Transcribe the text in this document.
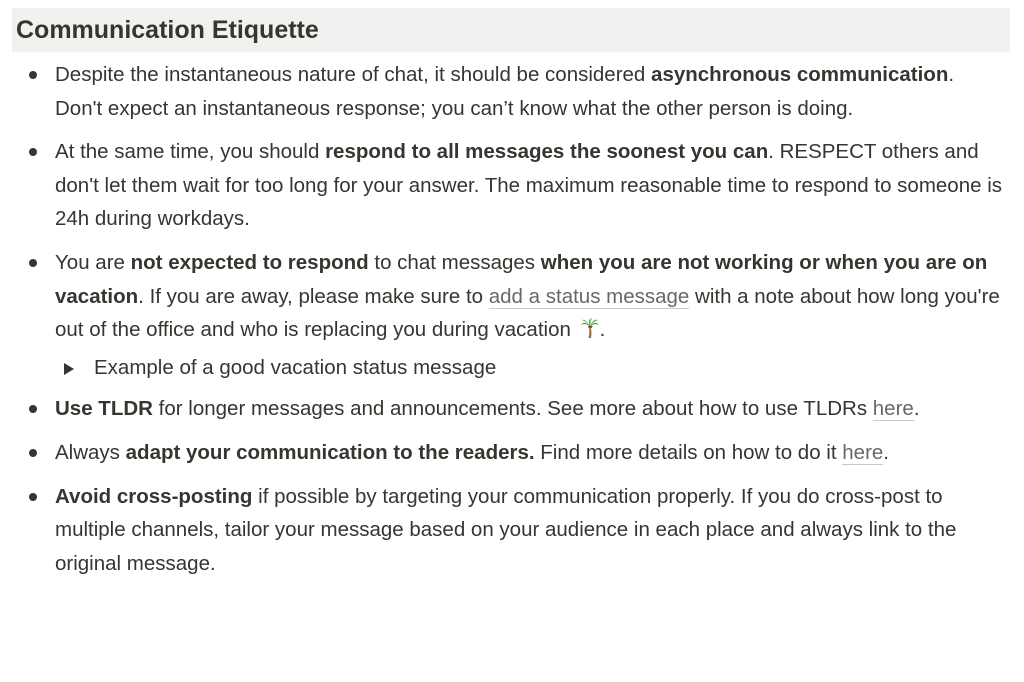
Communication Etiquette
Despite the instantaneous nature of chat, it should be considered asynchronous communication. Don't expect an instantaneous response; you can’t know what the other person is doing.
At the same time, you should respond to all messages the soonest you can. RESPECT others and don't let them wait for too long for your answer. The maximum reasonable time to respond to someone is 24h during workdays.
You are not expected to respond to chat messages when you are not working or when you are on vacation. If you are away, please make sure to add a status message with a note about how long you're out of the office and who is replacing you during vacation .
Example of a good vacation status message
Use TLDR for longer messages and announcements. See more about how to use TLDRs here.
Always adapt your communication to the readers. Find more details on how to do it here.
Avoid cross-posting if possible by targeting your communication properly. If you do cross-post to multiple channels, tailor your message based on your audience in each place and always link to the original message.
